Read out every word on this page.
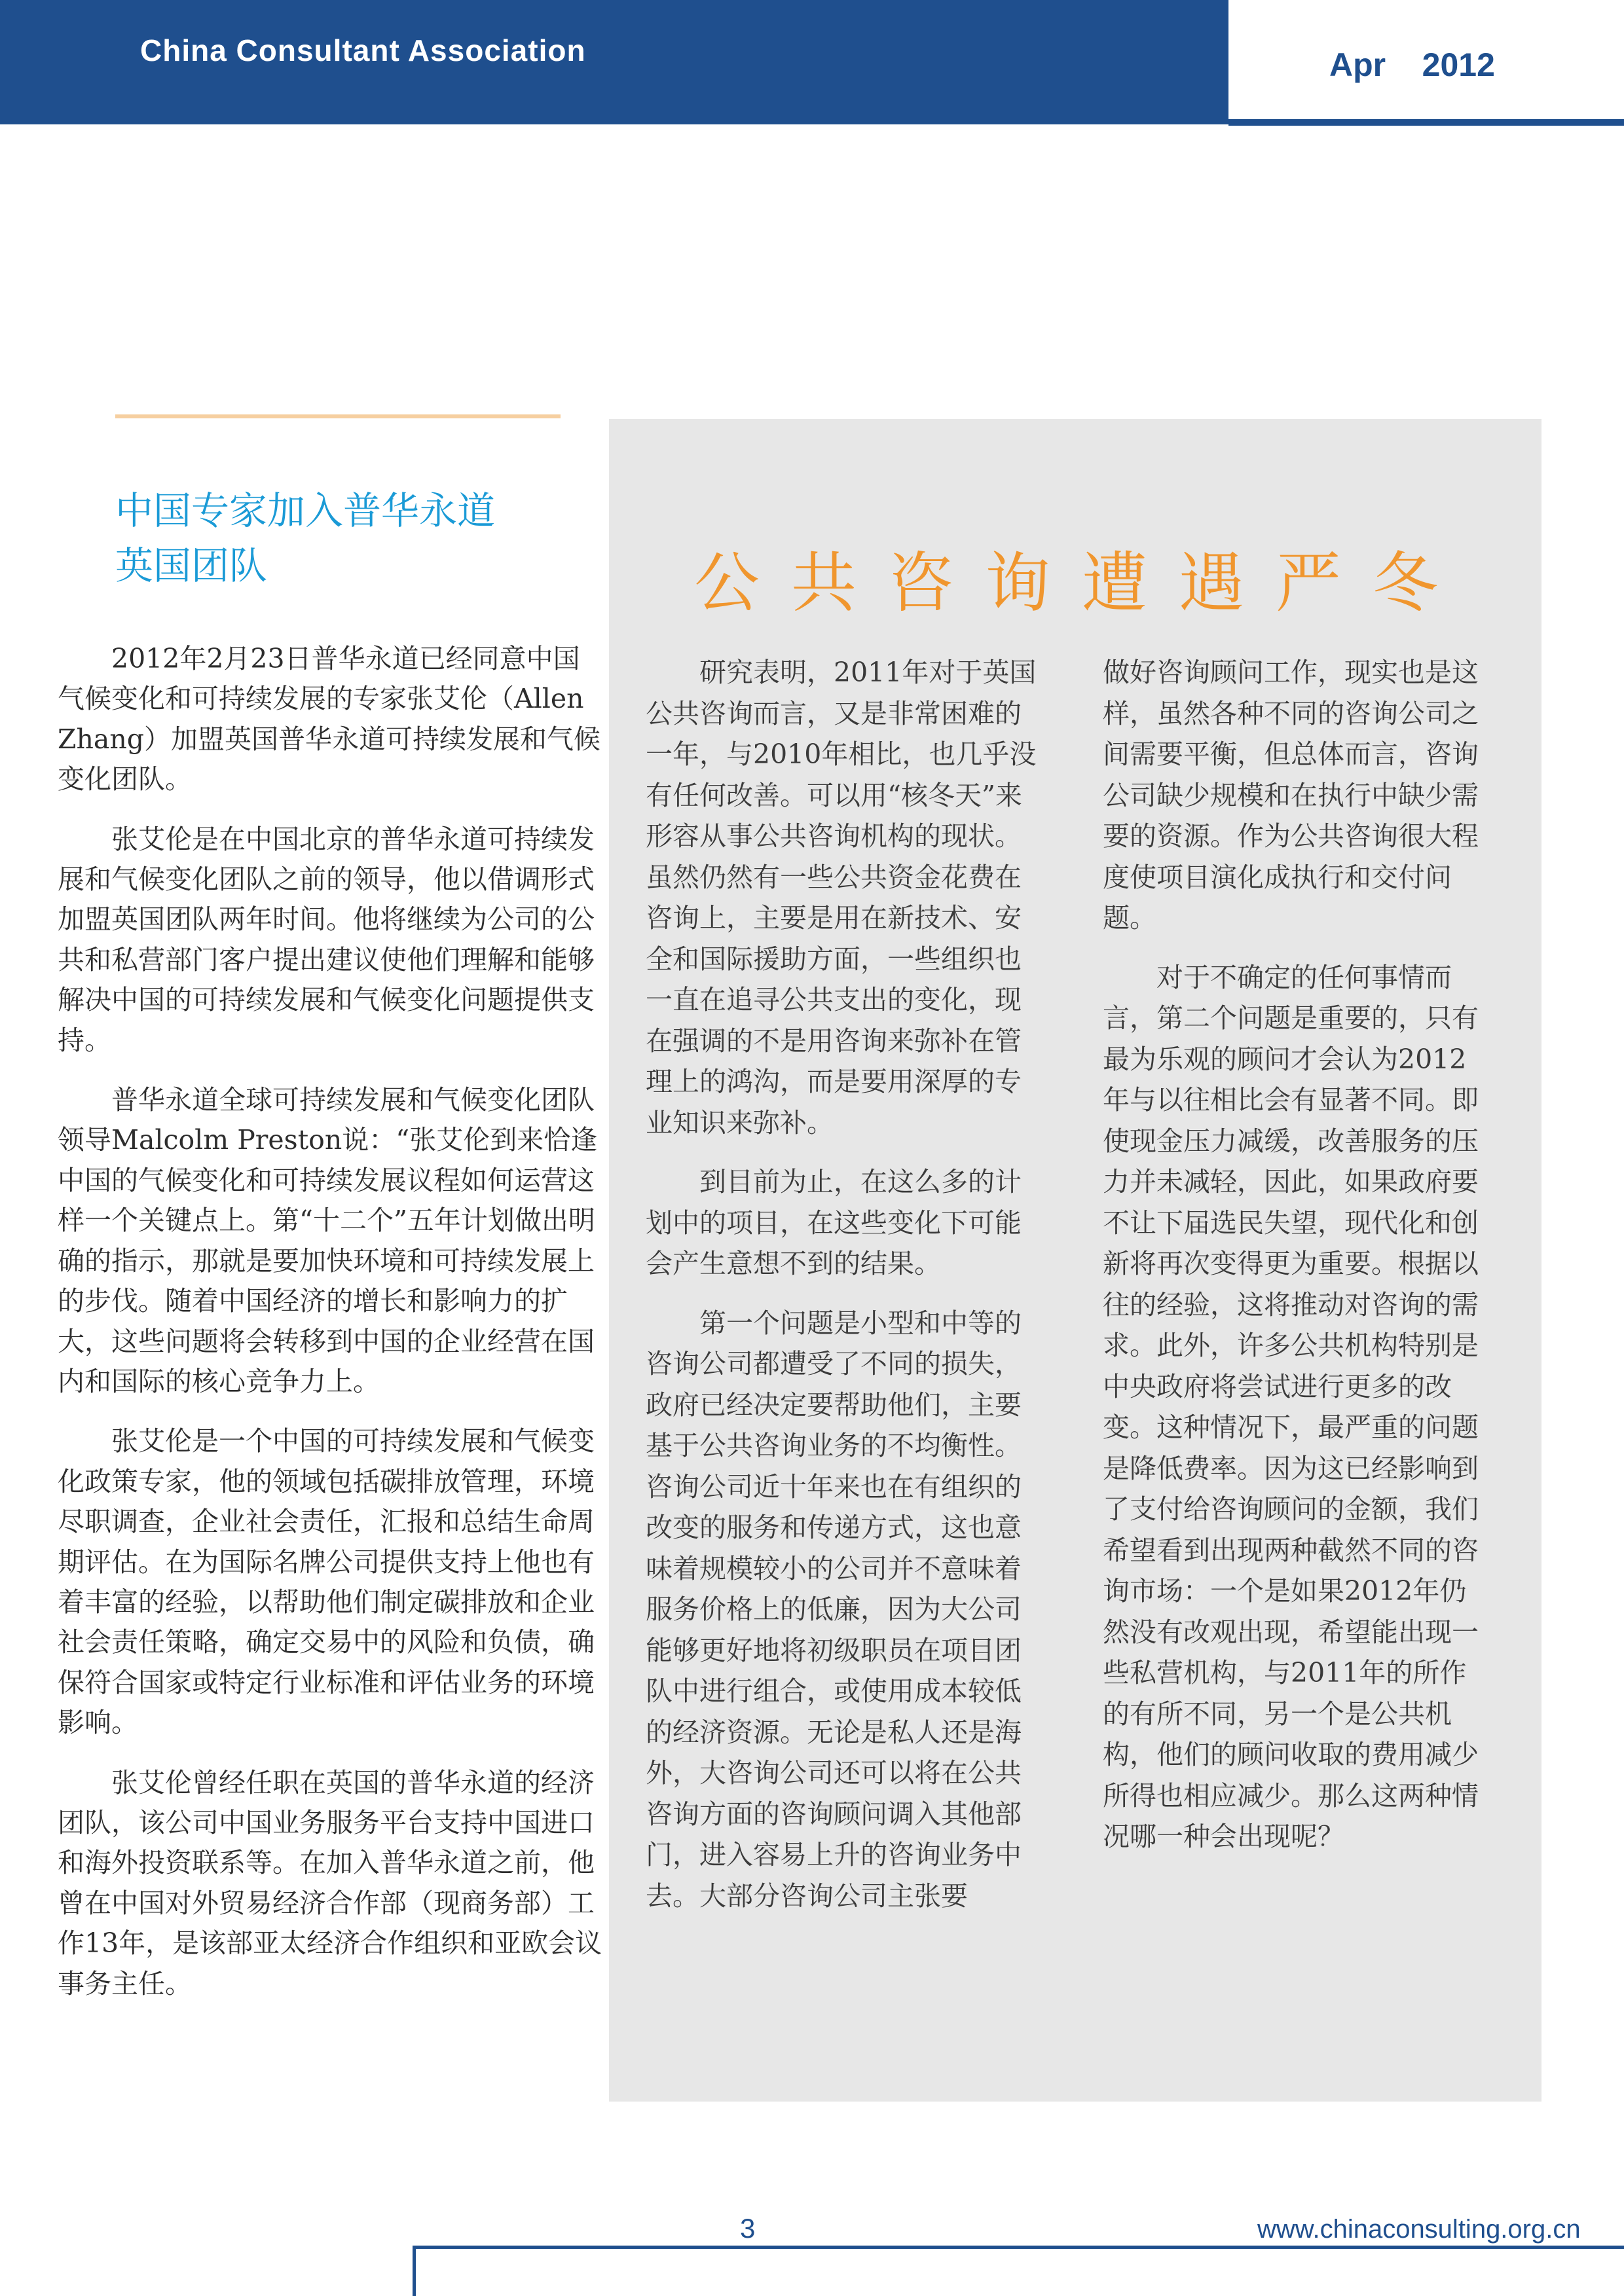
China Consultant Association	Apr    2012
中国专家加入普华永道
英国团队

2012年2月23日普华永道已经同意中国气候变化和可持续发展的专家张艾伦（Allen Zhang）加盟英国普华永道可持续发展和气候变化团队。

张艾伦是在中国北京的普华永道可持续发展和气候变化团队之前的领导，他以借调形式加盟英国团队两年时间。他将继续为公司的公共和私营部门客户提出建议使他们理解和能够解决中国的可持续发展和气候变化问题提供支持。

普华永道全球可持续发展和气候变化团队领导Malcolm Preston说：“张艾伦到来恰逢中国的气候变化和可持续发展议程如何运营这样一个关键点上。第“十二个”五年计划做出明确的指示，那就是要加快环境和可持续发展上的步伐。随着中国经济的增长和影响力的扩大，这些问题将会转移到中国的企业经营在国内和国际的核心竞争力上。

张艾伦是一个中国的可持续发展和气候变化政策专家，他的领域包括碳排放管理，环境尽职调查，企业社会责任，汇报和总结生命周期评估。在为国际名牌公司提供支持上他也有着丰富的经验，以帮助他们制定碳排放和企业社会责任策略，确定交易中的风险和负债，确保符合国家或特定行业标准和评估业务的环境影响。

张艾伦曾经任职在英国的普华永道的经济团队，该公司中国业务服务平台支持中国进口和海外投资联系等。在加入普华永道之前，他曾在中国对外贸易经济合作部（现商务部）工作13年，是该部亚太经济合作组织和亚欧会议事务主任。

公共咨询遭遇严冬

研究表明，2011年对于英国公共咨询而言，又是非常困难的一年，与2010年相比，也几乎没有任何改善。可以用“核冬天”来形容从事公共咨询机构的现状。虽然仍然有一些公共资金花费在咨询上，主要是用在新技术、安全和国际援助方面，一些组织也一直在追寻公共支出的变化，现在强调的不是用咨询来弥补在管理上的鸿沟，而是要用深厚的专业知识来弥补。

到目前为止，在这么多的计划中的项目，在这些变化下可能会产生意想不到的结果。

第一个问题是小型和中等的咨询公司都遭受了不同的损失，政府已经决定要帮助他们，主要基于公共咨询业务的不均衡性。咨询公司近十年来也在有组织的改变的服务和传递方式，这也意味着规模较小的公司并不意味着服务价格上的低廉，因为大公司能够更好地将初级职员在项目团队中进行组合，或使用成本较低的经济资源。无论是私人还是海外，大咨询公司还可以将在公共咨询方面的咨询顾问调入其他部门，进入容易上升的咨询业务中去。大部分咨询公司主张要

做好咨询顾问工作，现实也是这样，虽然各种不同的咨询公司之间需要平衡，但总体而言，咨询公司缺少规模和在执行中缺少需要的资源。作为公共咨询很大程度使项目演化成执行和交付问题。

对于不确定的任何事情而言，第二个问题是重要的，只有最为乐观的顾问才会认为2012年与以往相比会有显著不同。即使现金压力减缓，改善服务的压力并未减轻，因此，如果政府要不让下届选民失望，现代化和创新将再次变得更为重要。根据以往的经验，这将推动对咨询的需求。此外，许多公共机构特别是中央政府将尝试进行更多的改变。这种情况下，最严重的问题是降低费率。因为这已经影响到了支付给咨询顾问的金额，我们希望看到出现两种截然不同的咨询市场：一个是如果2012年仍然没有改观出现，希望能出现一些私营机构，与2011年的所作的有所不同，另一个是公共机构，他们的顾问收取的费用减少所得也相应减少。那么这两种情况哪一种会出现呢？

3	www.chinaconsulting.org.cn
